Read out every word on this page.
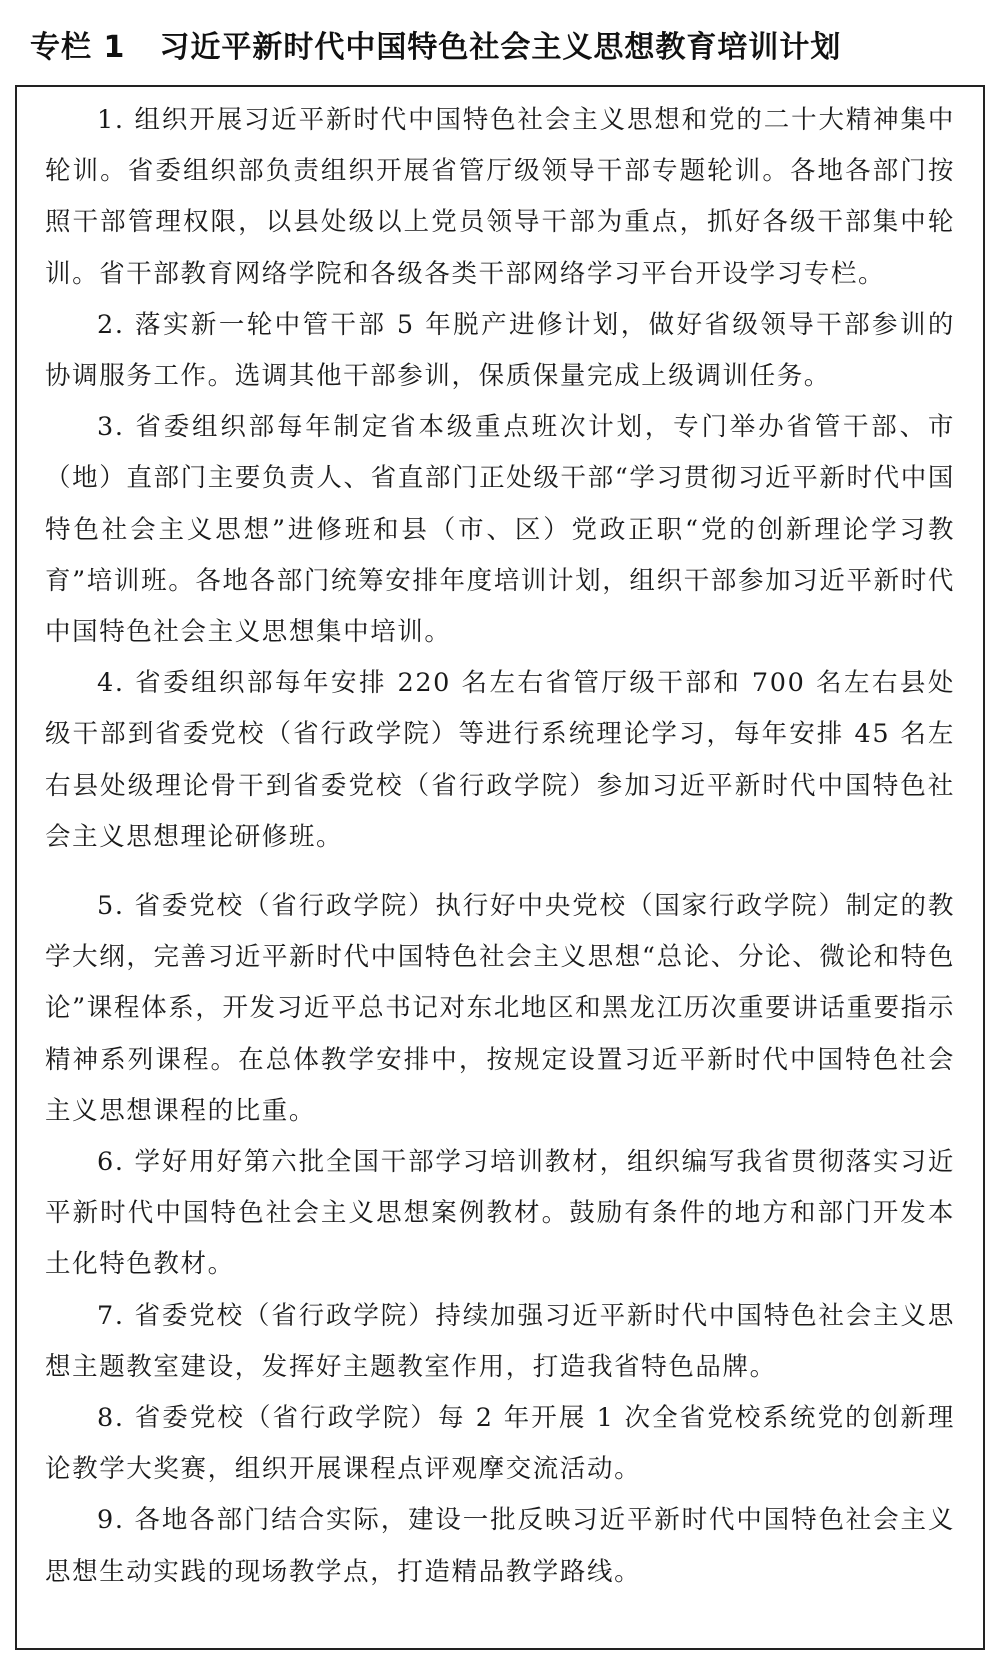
专栏 1 习近平新时代中国特色社会主义思想教育培训计划

1. 组织开展习近平新时代中国特色社会主义思想和党的二十大精神集中轮训。省委组织部负责组织开展省管厅级领导干部专题轮训。各地各部门按照干部管理权限，以县处级以上党员领导干部为重点，抓好各级干部集中轮训。省干部教育网络学院和各级各类干部网络学习平台开设学习专栏。

2. 落实新一轮中管干部 5 年脱产进修计划，做好省级领导干部参训的协调服务工作。选调其他干部参训，保质保量完成上级调训任务。

3. 省委组织部每年制定省本级重点班次计划，专门举办省管干部、市（地）直部门主要负责人、省直部门正处级干部“学习贯彻习近平新时代中国特色社会主义思想”进修班和县（市、区）党政正职“党的创新理论学习教育”培训班。各地各部门统筹安排年度培训计划，组织干部参加习近平新时代中国特色社会主义思想集中培训。

4. 省委组织部每年安排 220 名左右省管厅级干部和 700 名左右县处级干部到省委党校（省行政学院）等进行系统理论学习，每年安排 45 名左右县处级理论骨干到省委党校（省行政学院）参加习近平新时代中国特色社会主义思想理论研修班。

5. 省委党校（省行政学院）执行好中央党校（国家行政学院）制定的教学大纲，完善习近平新时代中国特色社会主义思想“总论、分论、微论和特色论”课程体系，开发习近平总书记对东北地区和黑龙江历次重要讲话重要指示精神系列课程。在总体教学安排中，按规定设置习近平新时代中国特色社会主义思想课程的比重。

6. 学好用好第六批全国干部学习培训教材，组织编写我省贯彻落实习近平新时代中国特色社会主义思想案例教材。鼓励有条件的地方和部门开发本土化特色教材。

7. 省委党校（省行政学院）持续加强习近平新时代中国特色社会主义思想主题教室建设，发挥好主题教室作用，打造我省特色品牌。

8. 省委党校（省行政学院）每 2 年开展 1 次全省党校系统党的创新理论教学大奖赛，组织开展课程点评观摩交流活动。

9. 各地各部门结合实际，建设一批反映习近平新时代中国特色社会主义思想生动实践的现场教学点，打造精品教学路线。
